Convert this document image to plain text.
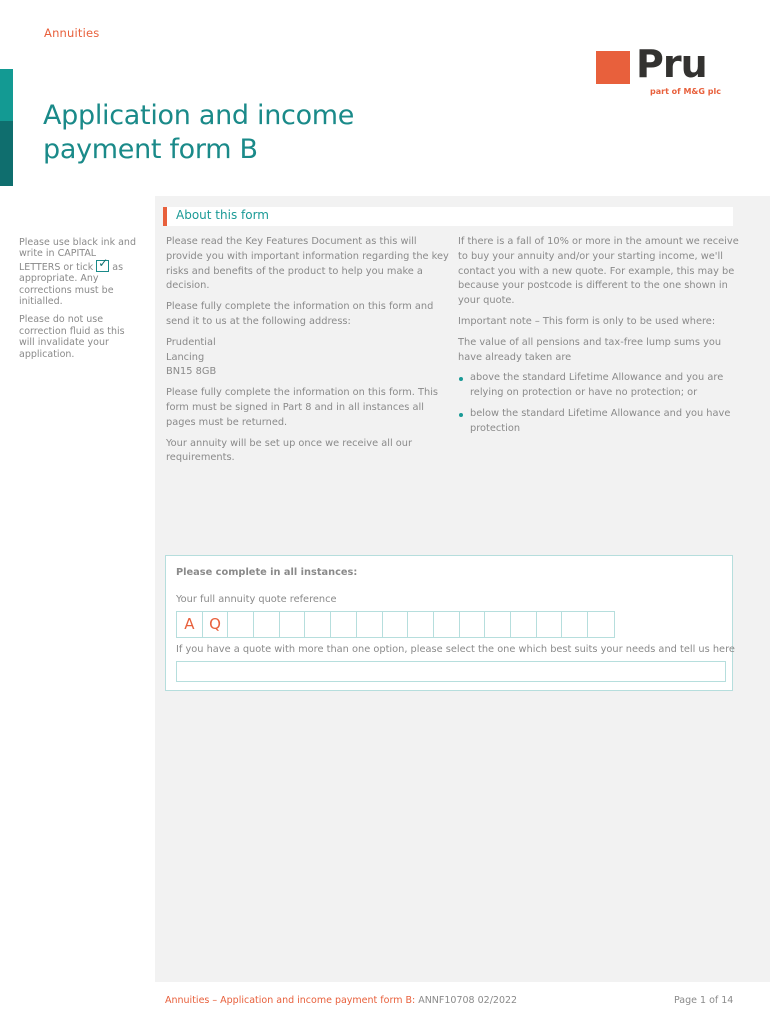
Annuities
Pru
part of M&G plc
Application and income
payment form B

Please use black ink and write in CAPITAL LETTERS or tick ✓ as appropriate. Any corrections must be initialled.

Please do not use correction fluid as this will invalidate your application.

About this form

Please read the Key Features Document as this will provide you with important information regarding the key risks and benefits of the product to help you make a decision.

Please fully complete the information on this form and send it to us at the following address:

Prudential
Lancing
BN15 8GB

Please fully complete the information on this form. This form must be signed in Part 8 and in all instances all pages must be returned.

Your annuity will be set up once we receive all our requirements.

If there is a fall of 10% or more in the amount we receive to buy your annuity and/or your starting income, we'll contact you with a new quote. For example, this may be because your postcode is different to the one shown in your quote.

Important note – This form is only to be used where:

The value of all pensions and tax-free lump sums you have already taken are

above the standard Lifetime Allowance and you are relying on protection or have no protection; or
below the standard Lifetime Allowance and you have protection
Please complete in all instances:
Your full annuity quote reference
A Q
If you have a quote with more than one option, please select the one which best suits your needs and tell us here
Annuities – Application and income payment form B: ANNF10708 02/2022	Page 1 of 14
